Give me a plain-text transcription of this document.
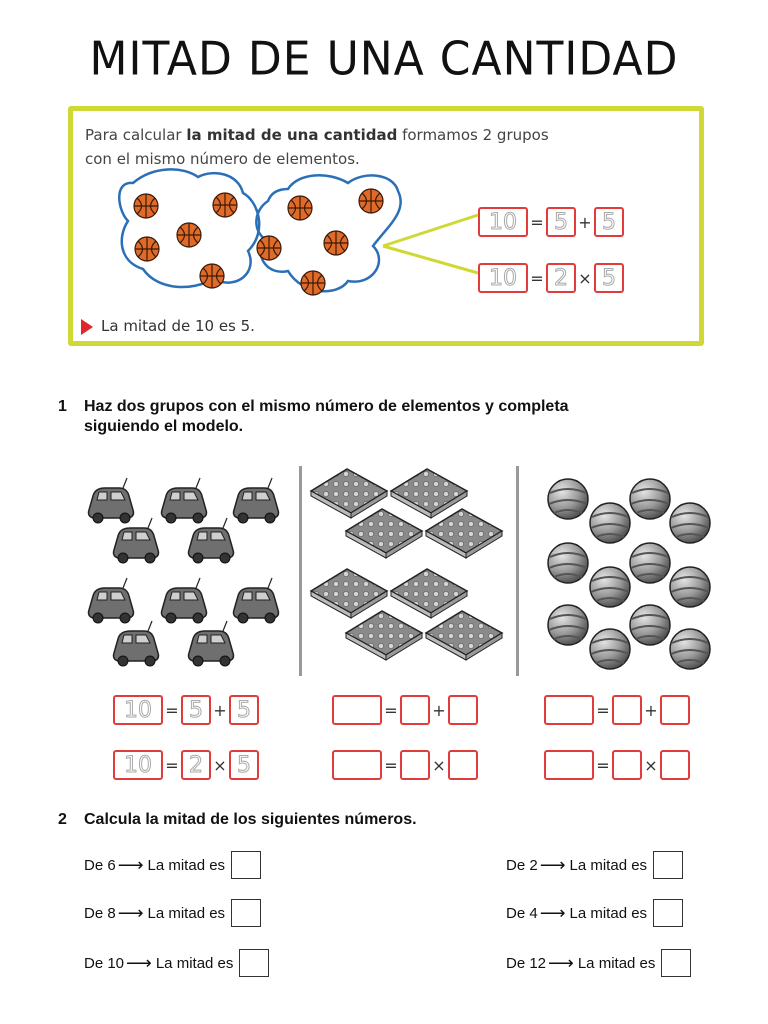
MITAD DE UNA CANTIDAD
Para calcular la mitad de una cantidad formamos 2 grupos
con el mismo número de elementos.
10 = 5 + 5
10 = 2 × 5
La mitad de 10 es 5.
1 Haz dos grupos con el mismo número de elementos y completa
siguiendo el modelo.
10 = 5 + 5
10 = 2 × 5
= +
= ×
= +
= ×
2 Calcula la mitad de los siguientes números.
De 6 ⟶ La mitad es
De 8 ⟶ La mitad es
De 10 ⟶ La mitad es
De 2 ⟶ La mitad es
De 4 ⟶ La mitad es
De 12 ⟶ La mitad es
